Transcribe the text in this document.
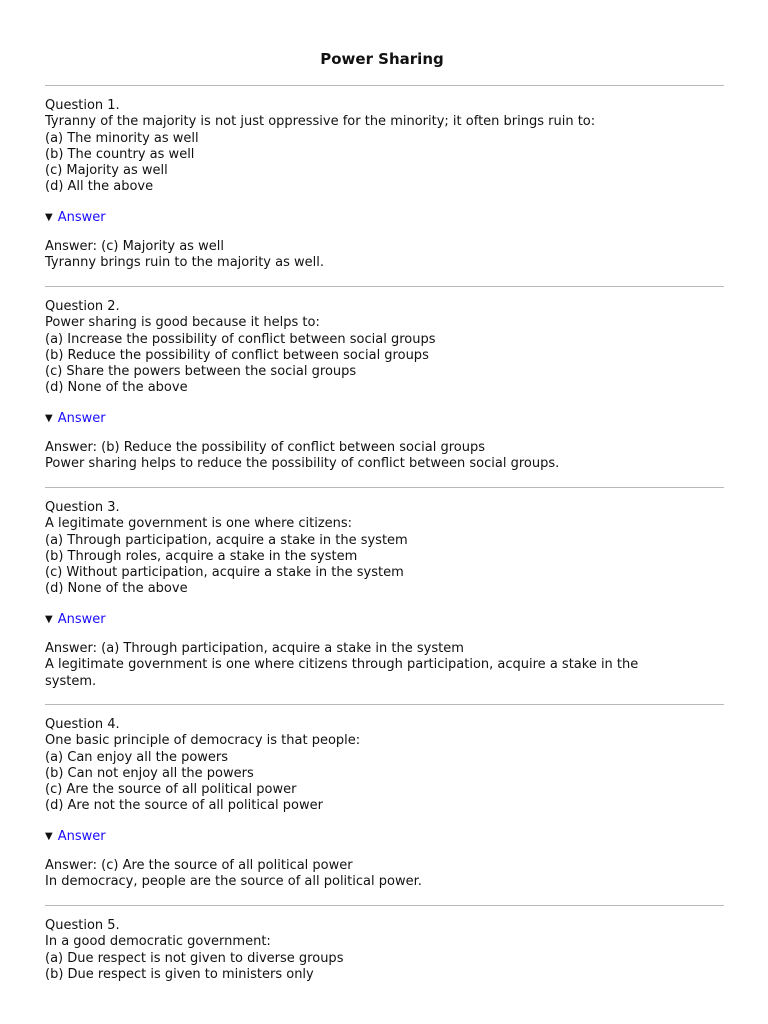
Power Sharing
Question 1.
Tyranny of the majority is not just oppressive for the minority; it often brings ruin to:
(a) The minority as well
(b) The country as well
(c) Majority as well
(d) All the above
▼ Answer
Answer: (c) Majority as well
Tyranny brings ruin to the majority as well.
Question 2.
Power sharing is good because it helps to:
(a) Increase the possibility of conflict between social groups
(b) Reduce the possibility of conflict between social groups
(c) Share the powers between the social groups
(d) None of the above
▼ Answer
Answer: (b) Reduce the possibility of conflict between social groups
Power sharing helps to reduce the possibility of conflict between social groups.
Question 3.
A legitimate government is one where citizens:
(a) Through participation, acquire a stake in the system
(b) Through roles, acquire a stake in the system
(c) Without participation, acquire a stake in the system
(d) None of the above
▼ Answer
Answer: (a) Through participation, acquire a stake in the system
A legitimate government is one where citizens through participation, acquire a stake in the system.
Question 4.
One basic principle of democracy is that people:
(a) Can enjoy all the powers
(b) Can not enjoy all the powers
(c) Are the source of all political power
(d) Are not the source of all political power
▼ Answer
Answer: (c) Are the source of all political power
In democracy, people are the source of all political power.
Question 5.
In a good democratic government:
(a) Due respect is not given to diverse groups
(b) Due respect is given to ministers only
